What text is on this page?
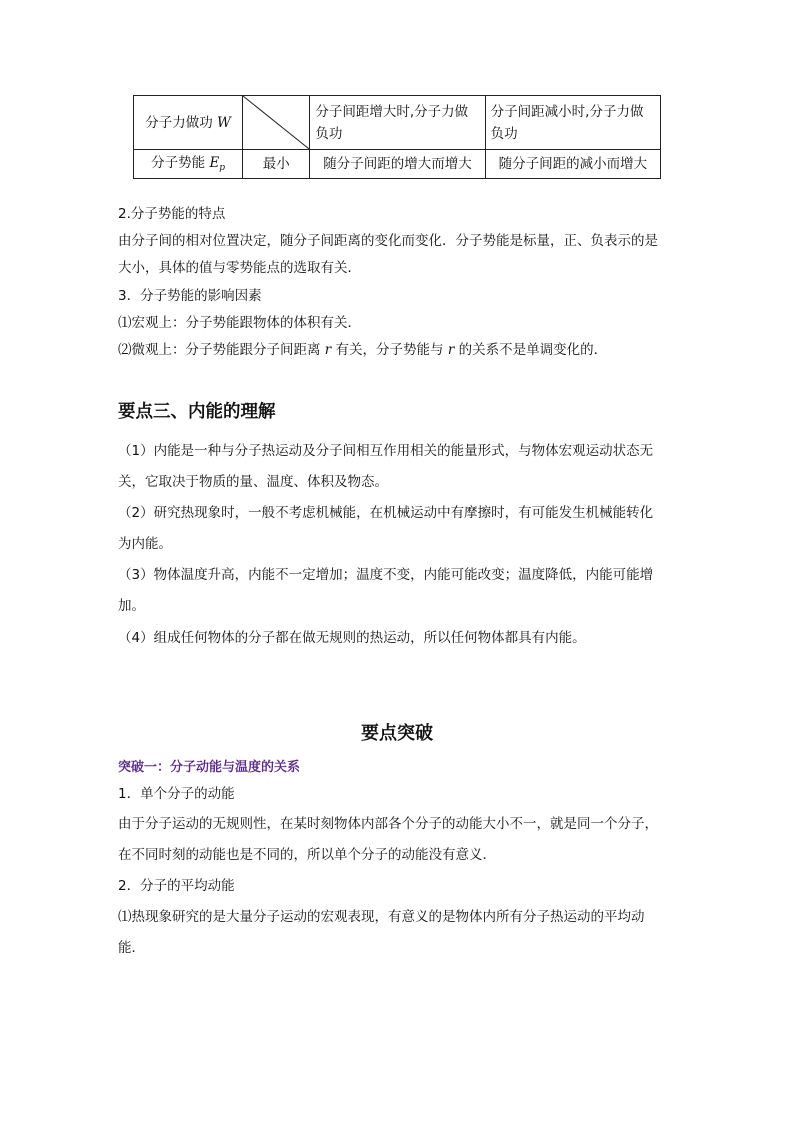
分子力做功 W		分子间距增大时,分子力做负功	分子间距减小时,分子力做负功
分子势能 $E_p$	最小	随分子间距的增大而增大	随分子间距的减小而增大
2.分子势能的特点
由分子间的相对位置决定，随分子间距离的变化而变化．分子势能是标量，正、负表示的是
大小，具体的值与零势能点的选取有关．
3．分子势能的影响因素
⑴宏观上：分子势能跟物体的体积有关．
⑵微观上：分子势能跟分子间距离 r 有关，分子势能与 r 的关系不是单调变化的．
要点三、内能的理解
（1）内能是一种与分子热运动及分子间相互作用相关的能量形式，与物体宏观运动状态无
关，它取决于物质的量、温度、体积及物态。
（2）研究热现象时，一般不考虑机械能，在机械运动中有摩擦时，有可能发生机械能转化
为内能。
（3）物体温度升高，内能不一定增加；温度不变，内能可能改变；温度降低，内能可能增
加。
（4）组成任何物体的分子都在做无规则的热运动，所以任何物体都具有内能。
要点突破
突破一：分子动能与温度的关系
1．单个分子的动能
由于分子运动的无规则性，在某时刻物体内部各个分子的动能大小不一，就是同一个分子，
在不同时刻的动能也是不同的，所以单个分子的动能没有意义．
2．分子的平均动能
⑴热现象研究的是大量分子运动的宏观表现，有意义的是物体内所有分子热运动的平均动
能．
